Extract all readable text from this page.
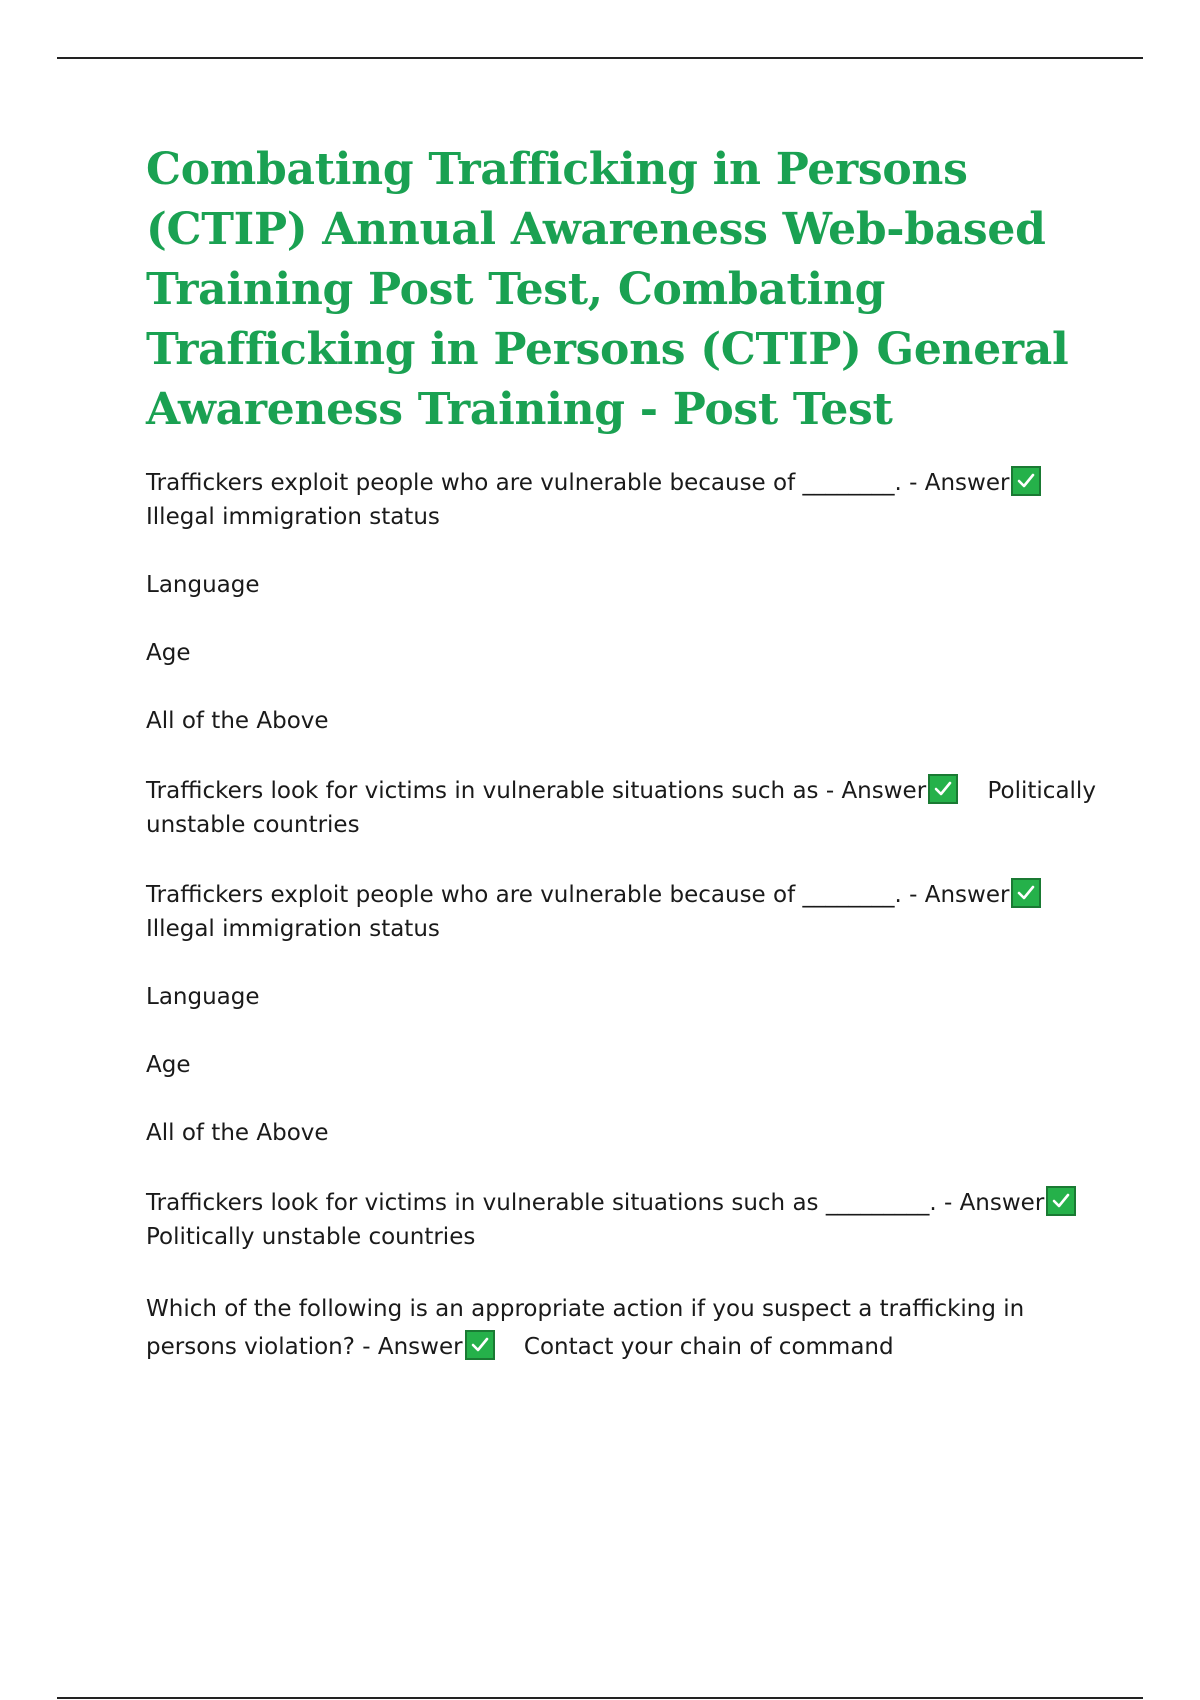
Combating Trafficking in Persons (CTIP) Annual Awareness Web-based Training Post Test, Combating Trafficking in Persons (CTIP) General Awareness Training - Post Test

Traffickers exploit people who are vulnerable because of ________. - Answer

Illegal immigration status

Language

Age

All of the Above

Traffickers look for victims in vulnerable situations such as - Answer	Politically unstable countries

Traffickers exploit people who are vulnerable because of ________. - Answer

Illegal immigration status

Language

Age

All of the Above

Traffickers look for victims in vulnerable situations such as _________. - Answer

Politically unstable countries

Which of the following is an appropriate action if you suspect a trafficking in persons violation? - Answer	Contact your chain of command
